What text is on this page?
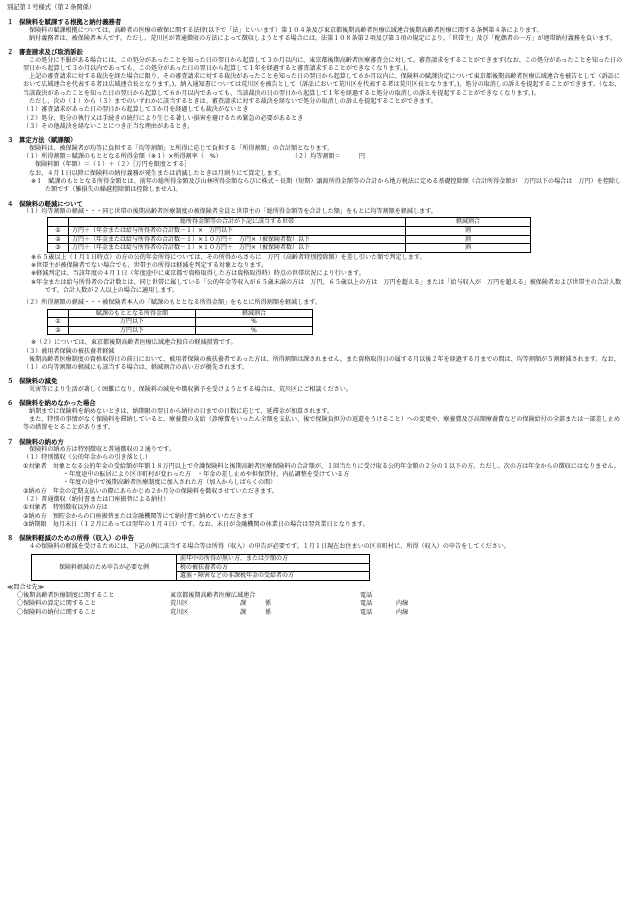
別記第１号様式（第２条関係）
１ 保険料を賦課する根拠と納付義務者

保険料の賦課根拠については、高齢者の医療の確保に関する法律(以下で「法」といいます）第１０４条及び東京都後期高齢者医療広域連合後期高齢者医療に関する条例第４条によります。

納付義務者は、被保険者本人です。ただし、荒川区が普通徴収の方法によって徴収しようとする場合には、法第１０８条第２項及び第３項の規定により、「世帯主」及び「配偶者の一方」が連帯納付義務を負います。

２ 審査請求及び取消訴訟

この処分に不服がある場合には、この処分があったことを知った日の翌日から起算して３か月以内に、東京都後期高齢者医療審査会に対して、審査請求をすることができます(なお、この処分があったことを知った日の翌日から起算して３か月以内であっても、この処分があった日の翌日から起算して１年を経過すると審査請求することができなくなります。)。

上記の審査請求に対する裁決を経た場合に限り、その審査請求に対する裁決があったことを知った日の翌日から起算して６か月以内に、保険料の賦課決定について東京都後期高齢者医療広域連合を被告として（訴訟において広域連合を代表する者は広域連合長となります。)、納入通知書については荒川区を被告として（訴訟において荒川区を代表する者は荒川区長となります。)、処分の取消しの訴えを提起することができます。（なお、当該裁決があったことを知った日の翌日から起算して６か月以内であっても、当該裁決の日の翌日から起算して１年を経過すると処分の取消しの訴えを提起することができなくなります。)。

ただし、次の（１）から（３）までのいずれかに該当するときは、審査請求に対する裁決を経ないで処分の取消しの訴えを提起することができます。

（１）審査請求があった日の翌日から起算して３か月を経過しても裁決がないとき

（２）処分、処分の執行又は手続きの続行により生じる著しい損害を避けるため緊急の必要があるとき

（３）その他裁決を経ないことにつき正当な理由があるとき。

３ 算定方法（賦課額）

保険料は、被保険者が均等に負担する「均等割額」と所得に応じて負担する「所得割額」の合計額となります。

（１）所得割額＝賦課のもととなる所得金額（※１）×所得割率（　%）	（２）均等割額＝　　　円

保険料額（年額）＝（１）＋（２）［万円を限度とする］

なお、４月１日以降に保険料の納付義務が発生または消滅したときは月割りにて算定します。

※１　賦課のもととなる所得金額とは、前年の総所得金額及び山林所得金額ならびに株式・長期（短期）譲渡所得金額等の合計から地方税法に定める基礎控除額（合計所得金額が　万円以下の場合は　万円）を控除した額です（雑損失の繰越控除額は控除しません)。

４ 保険料の軽減について

（１）均等割額の軽減・・・同じ世帯の後期高齢者医療制度の被保険者全員と世帯主の「総所得金額等を合計した額」をもとに均等割額を軽減します。

	総所得金額等の合計が下記に該当する世帯	軽減割合
①	万円＋（年金または給与所得者の合計数－１）×　万円以下	割
②	万円＋（年金または給与所得者の合計数－１）×１０万円＋　万円×（被保険者数）以下	割
③	万円＋（年金または給与所得者の合計数－１）×１０万円＋　万円×（被保険者数）以下	割

※６５歳以上（１月１日時点）の方の公的年金所得については、その所得からさらに　万円（高齢者特別控除額）を差し引いた額で判定します。

※世帯主が被保険者でない場合でも、世帯主の所得は軽減を判定する対象となります。

※軽減判定は、当該年度の４月１日（年度途中に東京都で資格取得した方は資格取得時）時点の世帯状況により行います。

※年金または給与所得者の合計数とは、同じ世帯に属している「公的年金等収入が６５歳未満の方は　万円、６５歳以上の方は　万円を超える」または「給与収入が　万円を超える」被保険者および世帯主の合計人数です。合計人数が２人以上の場合に適用します。

（２）所得割額の軽減・・・被保険者本人の「賦課のもととなる所得金額」をもとに所得割額を軽減します。

	賦課のもととなる所得金額	軽減割合
①	万円以下	%
②	万円以下	%

※（２）については、東京都後期高齢者医療広域連合独自の軽減措置です。

（３）被用者保険の被扶養者軽減

後期高齢者医療制度の資格取得日の前日において、被用者保険の被扶養者であった方は、所得割額は課されません。また資格取得日の属する月以後２年を経過する月までの間は、均等割額が５割軽減されます。なお、（１）の均等割額の軽減にも該当する場合は、軽減割合の高い方が優先されます。

５ 保険料の減免

災害等により生活が著しく困難になり、保険料の減免や徴収猶予を受けようとする場合は、荒川区にご相談ください。

６ 保険料を納めなかった場合

納期までに保険料を納めないときは、納期限の翌日から納付の日までの日数に応じて、延滞金が加算されます。

また、特別の事情がなく保険料を滞納していると、療養費の支給（診療費をいったん全額を支払い、後で保険負担分の返還をうけること）への変更や、療養費及び高額療養費などの保険給付の全部または一部差し止め等の措置をとることがあります。

７ 保険料の納め方

保険料の納め方は特別徴収と普通徴収の２通りです。

（１）特別徴収（公的年金からの引き落とし）

①対象者　対象となる公的年金の受給額が年額１８万円以上で介護保険料と後期高齢者医療保険料の合計額が、１回当たりに受け取る公的年金額の２分の１以下の方。ただし、次の方は年金からの徴収にはなりません。

・年度途中の転居により区市町村が変わった方　・年金の差し止めや担保貸付、内払調整を受けている方

・年度の途中で後期高齢者医療制度に加入された方（加入からしばらくの間）

②納め方　年金の定期支払いの際にあらかじめ２か月分の保険料を徴収させていただきます。

（２）普通徴収（納付書または口座振替による納付）

①対象者　特別徴収以外の方は

②納め方　預貯金からの口座振替または金融機関等にて納付書で納めていただきます

③納期限　毎月末日（１２月にあっては翌年の１月４日）です。なお、末日が金融機関の休業日の場合は翌営業日となります。

８ 保険料軽減のための所得（収入）の申告

４の保険料の軽減を受けるためには、下記の例に該当する場合等は所得（収入）の申告が必要です。１月１日現在お住まいの区市町村に、所得（収入）の申告をしてください。

保険料軽減のため申告が必要な例	前年中の所得が無い方、または少額の方
税の被扶養者の方
遺族・障害などの非課税年金の受給者の方
≪問合せ先≫
〇後期高齢者医療制度に関すること	東京都後期高齢者医療広域連合	電話
〇保険料の算定に関すること	荒川区	課	係	電話	内線
〇保険料の納付に関すること	荒川区	課	係	電話	内線
